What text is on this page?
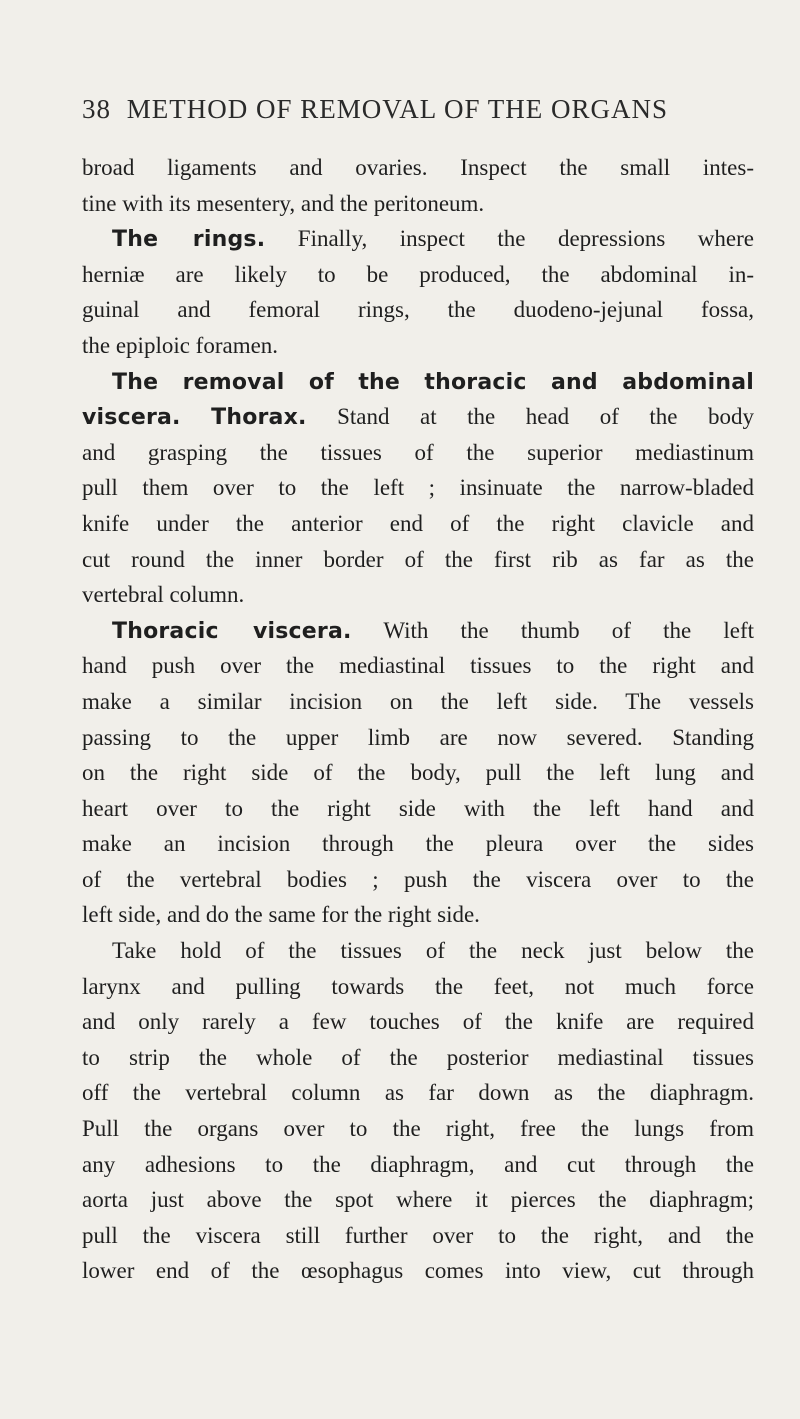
38 METHOD OF REMOVAL OF THE ORGANS
broad ligaments and ovaries. Inspect the small intes-
tine with its mesentery, and the peritoneum.
The rings. Finally, inspect the depressions where
herniæ are likely to be produced, the abdominal in-
guinal and femoral rings, the duodeno-jejunal fossa,
the epiploic foramen.
The removal of the thoracic and abdominal
viscera. Thorax. Stand at the head of the body
and grasping the tissues of the superior mediastinum
pull them over to the left ; insinuate the narrow-bladed
knife under the anterior end of the right clavicle and
cut round the inner border of the first rib as far as the
vertebral column.
Thoracic viscera. With the thumb of the left
hand push over the mediastinal tissues to the right and
make a similar incision on the left side. The vessels
passing to the upper limb are now severed. Standing
on the right side of the body, pull the left lung and
heart over to the right side with the left hand and
make an incision through the pleura over the sides
of the vertebral bodies ; push the viscera over to the
left side, and do the same for the right side.
Take hold of the tissues of the neck just below the
larynx and pulling towards the feet, not much force
and only rarely a few touches of the knife are required
to strip the whole of the posterior mediastinal tissues
off the vertebral column as far down as the diaphragm.
Pull the organs over to the right, free the lungs from
any adhesions to the diaphragm, and cut through the
aorta just above the spot where it pierces the diaphragm;
pull the viscera still further over to the right, and the
lower end of the œsophagus comes into view, cut through
